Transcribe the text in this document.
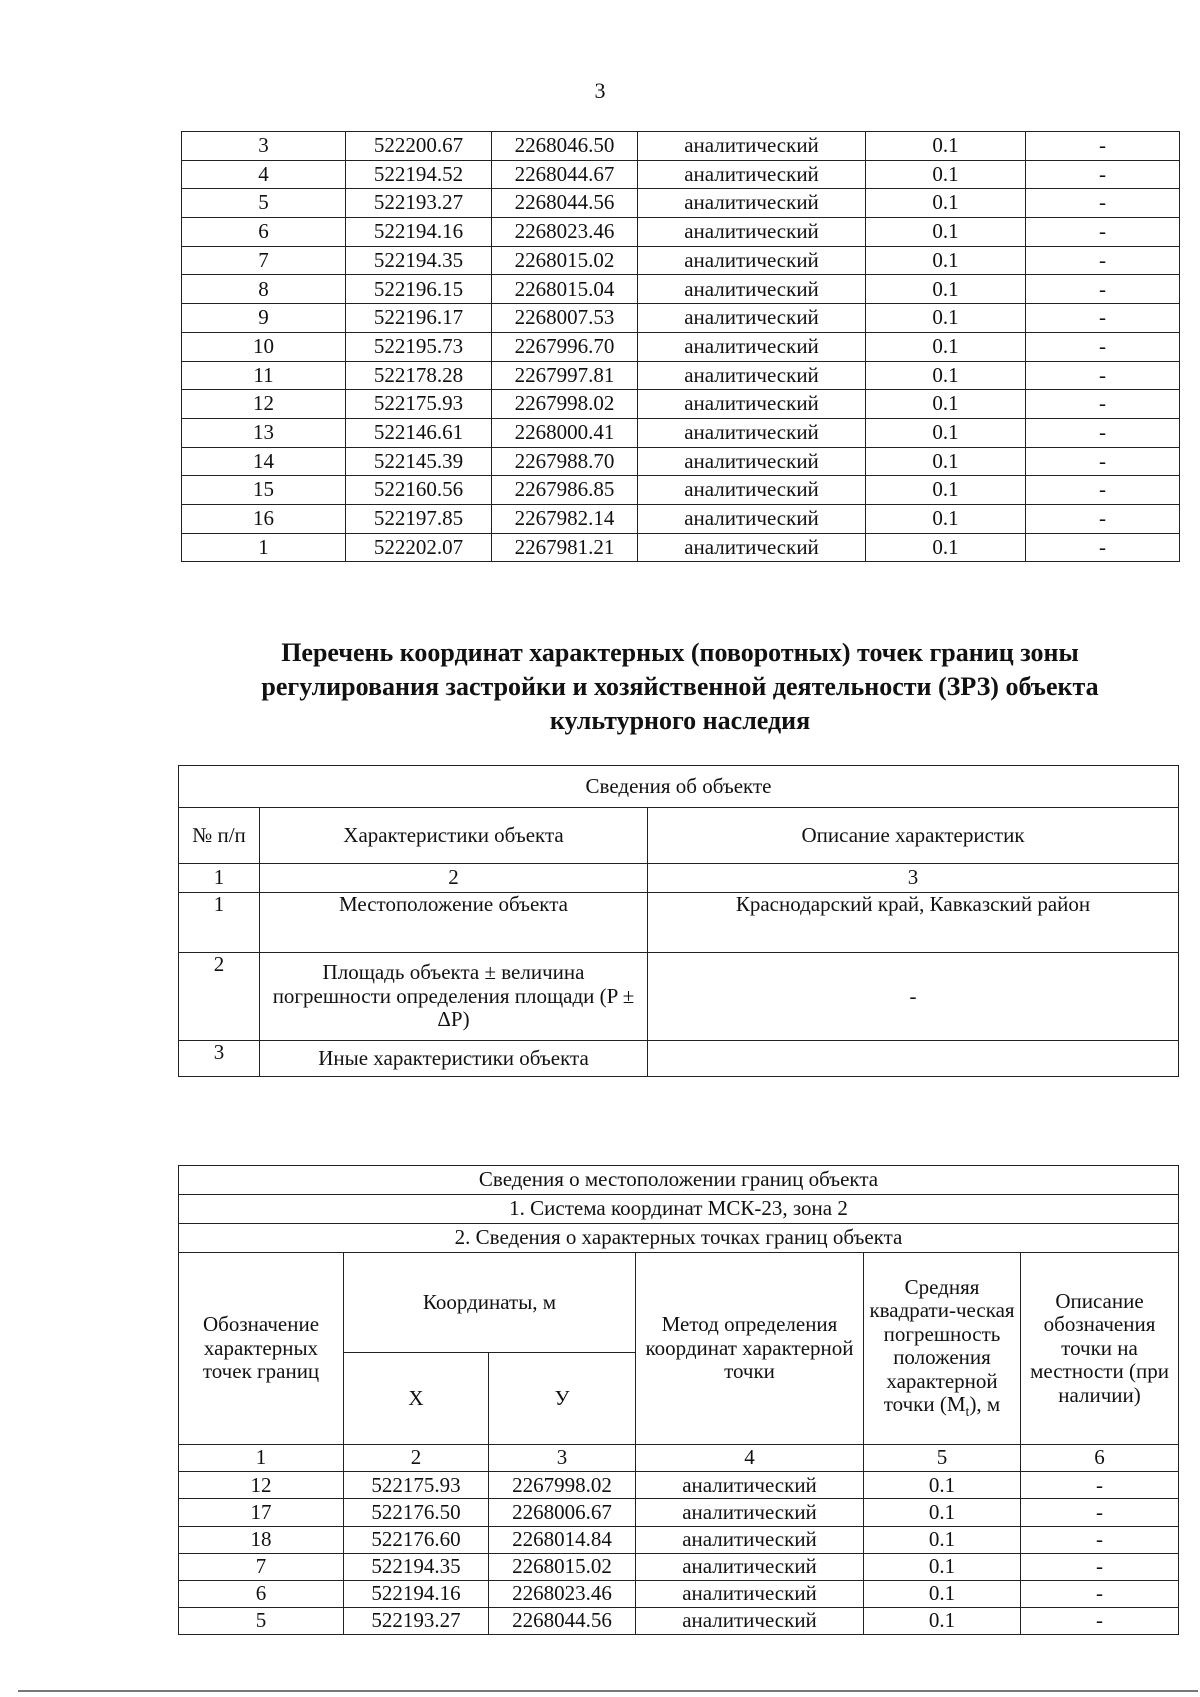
3
3	522200.67	2268046.50	аналитический	0.1	-
4	522194.52	2268044.67	аналитический	0.1	-
5	522193.27	2268044.56	аналитический	0.1	-
6	522194.16	2268023.46	аналитический	0.1	-
7	522194.35	2268015.02	аналитический	0.1	-
8	522196.15	2268015.04	аналитический	0.1	-
9	522196.17	2268007.53	аналитический	0.1	-
10	522195.73	2267996.70	аналитический	0.1	-
11	522178.28	2267997.81	аналитический	0.1	-
12	522175.93	2267998.02	аналитический	0.1	-
13	522146.61	2268000.41	аналитический	0.1	-
14	522145.39	2267988.70	аналитический	0.1	-
15	522160.56	2267986.85	аналитический	0.1	-
16	522197.85	2267982.14	аналитический	0.1	-
1	522202.07	2267981.21	аналитический	0.1	-
Перечень координат характерных (поворотных) точек границ зоны
регулирования застройки и хозяйственной деятельности (ЗРЗ) объекта
культурного наследия
Сведения об объекте		
№ п/п	Характеристики объекта	Описание характеристик
1	2	3
1	Местоположение объекта	Краснодарский край, Кавказский район
2	Площадь объекта ± величина погрешности определения площади (P ± ΔP)	-
3	Иные характеристики объекта	
Сведения о местоположении границ объекта					
1. Система координат МСК-23, зона 2					
2. Сведения о характерных точках границ объекта					
Обозначение характерных точек границ	Координаты, м		Метод определения координат характерной точки	Средняя квадрати-ческая погрешность положения характерной точки $(M_t)$, м	Описание обозначения точки на местности (при наличии)
	X	У			
1	2	3	4	5	6
12	522175.93	2267998.02	аналитический	0.1	-
17	522176.50	2268006.67	аналитический	0.1	-
18	522176.60	2268014.84	аналитический	0.1	-
7	522194.35	2268015.02	аналитический	0.1	-
6	522194.16	2268023.46	аналитический	0.1	-
5	522193.27	2268044.56	аналитический	0.1	-
